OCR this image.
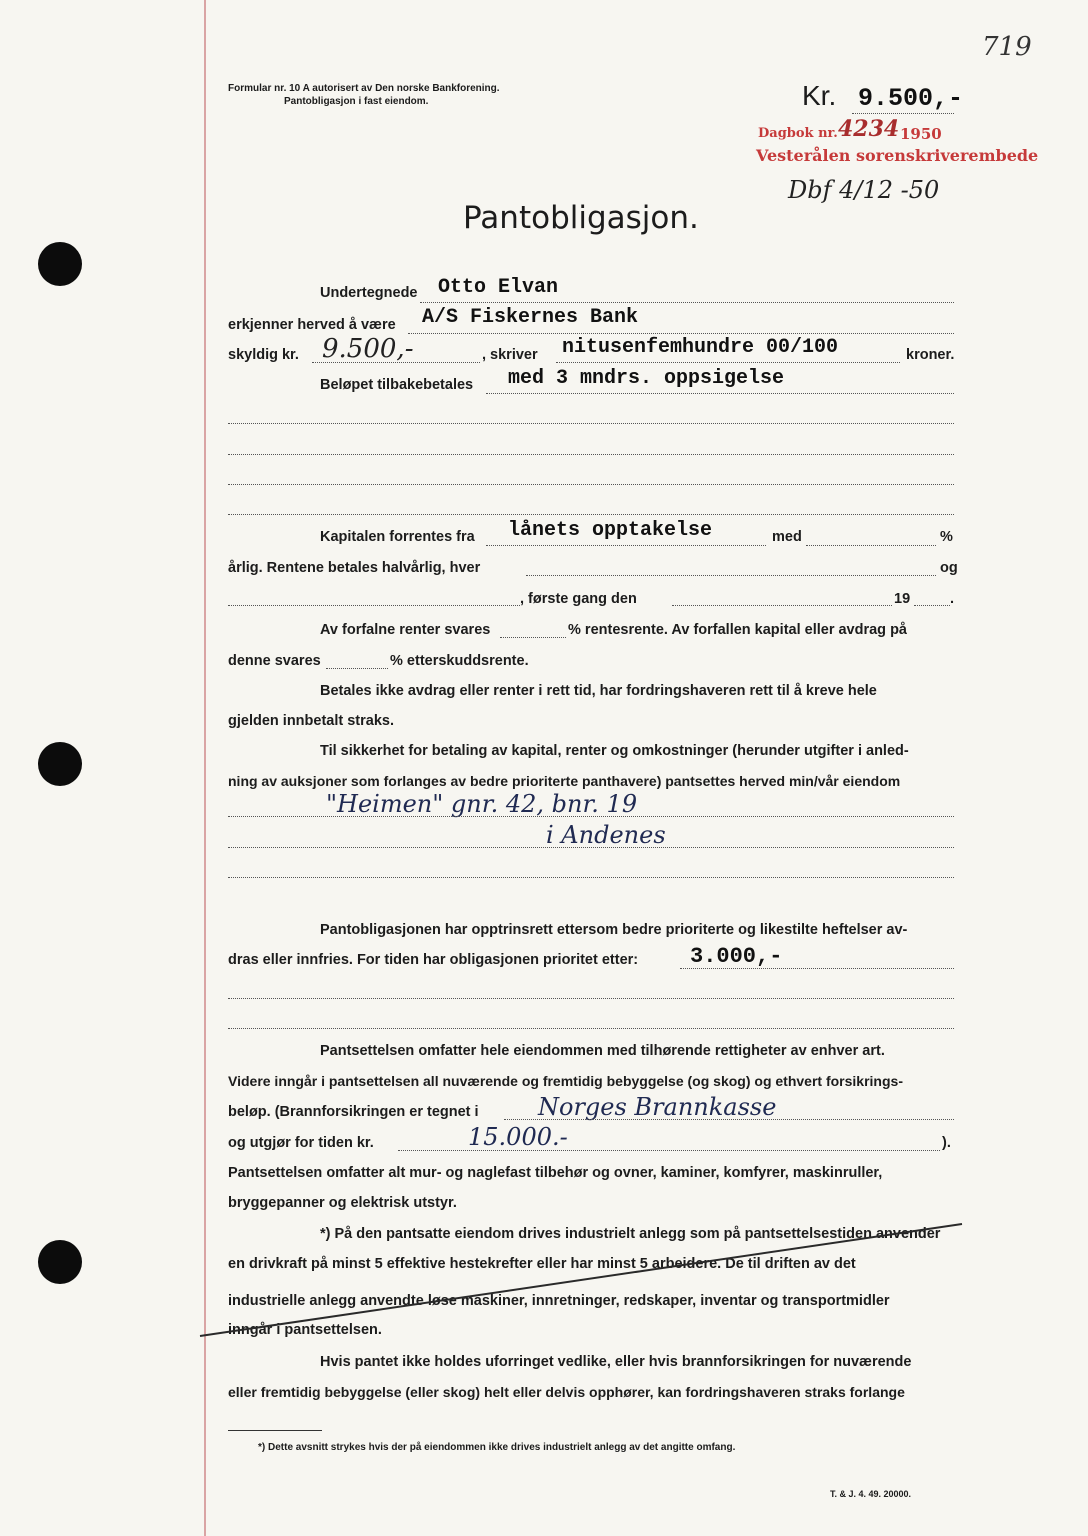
719
Formular nr. 10 A autorisert av Den norske Bankforening.
Pantobligasjon i fast eiendom.	Kr. 9.500,-
Dagbok nr. 4234 1950
Vesterålen sorenskriverembede
Dbf 4/12 -50
Pantobligasjon.
Undertegnede Otto Elvan
erkjenner herved å være A/S Fiskernes Bank
skyldig kr. 9.500,-	, skriver nitusenfemhundre 00/100	kroner.
Beløpet tilbakebetales med 3 mndrs. oppsigelse
Kapitalen forrentes fra lånets opptakelse	med	%
årlig. Rentene betales halvårlig, hver	og
, første gang den	19	.
Av forfalne renter svares	% rentesrente. Av forfallen kapital eller avdrag på
denne svares	% etterskuddsrente.
Betales ikke avdrag eller renter i rett tid, har fordringshaveren rett til å kreve hele
gjelden innbetalt straks.
Til sikkerhet for betaling av kapital, renter og omkostninger (herunder utgifter i anled-
ning av auksjoner som forlanges av bedre prioriterte panthavere) pantsettes herved min/vår eiendom
"Heimen" gnr. 42, bnr. 19
i Andenes
Pantobligasjonen har opptrinsrett ettersom bedre prioriterte og likestilte heftelser av-
dras eller innfries. For tiden har obligasjonen prioritet etter: 3.000,-
Pantsettelsen omfatter hele eiendommen med tilhørende rettigheter av enhver art.
Videre inngår i pantsettelsen all nuværende og fremtidig bebyggelse (og skog) og ethvert forsikrings-
beløp. (Brannforsikringen er tegnet i Norges Brannkasse
og utgjør for tiden kr.	15.000.-	).
Pantsettelsen omfatter alt mur- og naglefast tilbehør og ovner, kaminer, komfyrer, maskinruller,
bryggepanner og elektrisk utstyr.
*) På den pantsatte eiendom drives industrielt anlegg som på pantsettelsestiden anvender
en drivkraft på minst 5 effektive hestekrefter eller har minst 5 arbeidere. De til driften av det
industrielle anlegg anvendte løse maskiner, innretninger, redskaper, inventar og transportmidler
inngår i pantsettelsen.
Hvis pantet ikke holdes uforringet vedlike, eller hvis brannforsikringen for nuværende
eller fremtidig bebyggelse (eller skog) helt eller delvis opphører, kan fordringshaveren straks forlange
*) Dette avsnitt strykes hvis der på eiendommen ikke drives industrielt anlegg av det angitte omfang.
T. & J. 4. 49. 20000.
